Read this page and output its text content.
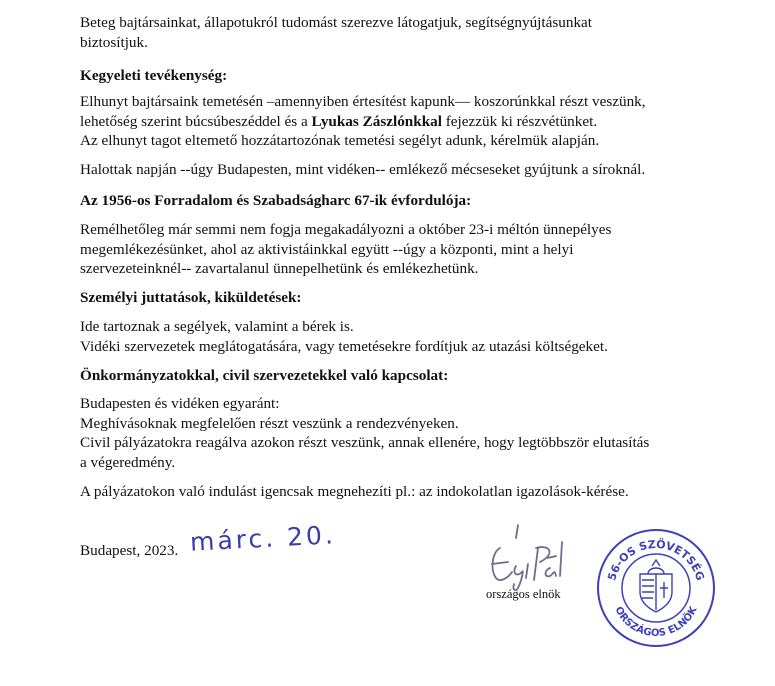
Beteg bajtársainkat, állapotukról tudomást szerezve látogatjuk, segítségnyújtásunkat
biztosítjuk.
Kegyeleti tevékenység:
Elhunyt bajtársaink temetésén –amennyiben értesítést kapunk— koszorúnkkal részt veszünk,
lehetőség szerint búcsúbeszéddel és a Lyukas Zászlónkkal fejezzük ki részvétünket.
Az elhunyt tagot eltemető hozzátartozónak temetési segélyt adunk, kérelmük alapján.
Halottak napján --úgy Budapesten, mint vidéken-- emlékező mécseseket gyújtunk a síroknál.
Az 1956-os Forradalom és Szabadságharc 67-ik évfordulója:
Remélhetőleg már semmi nem fogja megakadályozni a október 23-i méltón ünnepélyes
megemlékezésünket, ahol az aktivistáinkkal együtt --úgy a központi, mint a helyi
szervezeteinknél-- zavartalanul ünnepelhetünk és emlékezhetünk.
Személyi juttatások, kiküldetések:
Ide tartoznak a segélyek, valamint a bérek is.
Vidéki szervezetek meglátogatására, vagy temetésekre fordítjuk az utazási költségeket.
Önkormányzatokkal, civil szervezetekkel való kapcsolat:
Budapesten és vidéken egyaránt:
Meghívásoknak megfelelően részt veszünk a rendezvényeken.
Civil pályázatokra reagálva azokon részt veszünk, annak ellenére, hogy legtöbbször elutasítás
a végeredmény.
A pályázatokon való indulást igencsak megnehezíti pl.: az indokolatlan igazolások-kérése.
Budapest, 2023. márc. 20.
országos elnök
56-OS SZÖVETSÉG
ORSZÁGOS ELNÖK
